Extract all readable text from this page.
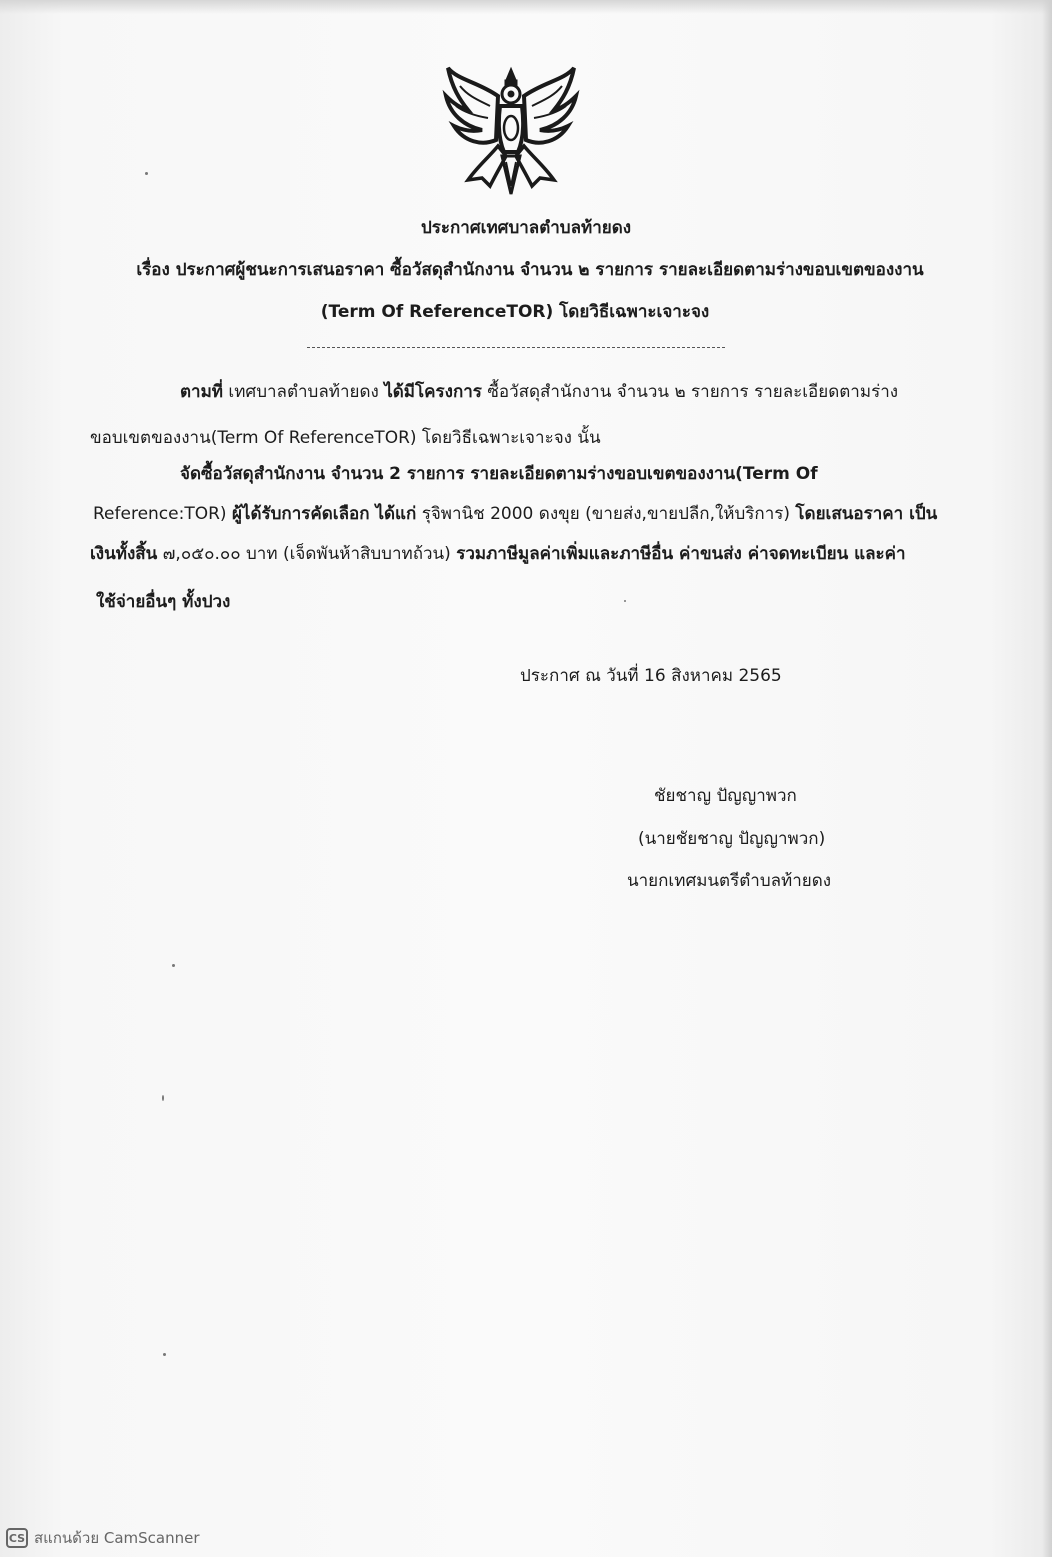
ประกาศเทศบาลตำบลท้ายดง
เรื่อง ประกาศผู้ชนะการเสนอราคา ซื้อวัสดุสำนักงาน จำนวน ๒ รายการ รายละเอียดตามร่างขอบเขตของงาน
(Term Of ReferenceTOR) โดยวิธีเฉพาะเจาะจง
ตามที่ เทศบาลตำบลท้ายดง ได้มีโครงการ ซื้อวัสดุสำนักงาน จำนวน ๒ รายการ รายละเอียดตามร่าง
ขอบเขตของงาน(Term Of ReferenceTOR) โดยวิธีเฉพาะเจาะจง นั้น
จัดซื้อวัสดุสำนักงาน จำนวน 2 รายการ รายละเอียดตามร่างขอบเขตของงาน(Term Of
Reference:TOR) ผู้ได้รับการคัดเลือก ได้แก่ รุจิพานิช 2000 ดงขุย (ขายส่ง,ขายปลีก,ให้บริการ) โดยเสนอราคา เป็น
เงินทั้งสิ้น ๗,๐๕๐.๐๐ บาท (เจ็ดพันห้าสิบบาทถ้วน) รวมภาษีมูลค่าเพิ่มและภาษีอื่น ค่าขนส่ง ค่าจดทะเบียน และค่า
ใช้จ่ายอื่นๆ ทั้งปวง
ประกาศ ณ วันที่ 16 สิงหาคม 2565
ชัยชาญ ปัญญาพวก
(นายชัยชาญ ปัญญาพวก)
นายกเทศมนตรีตำบลท้ายดง
CS สแกนด้วย CamScanner
